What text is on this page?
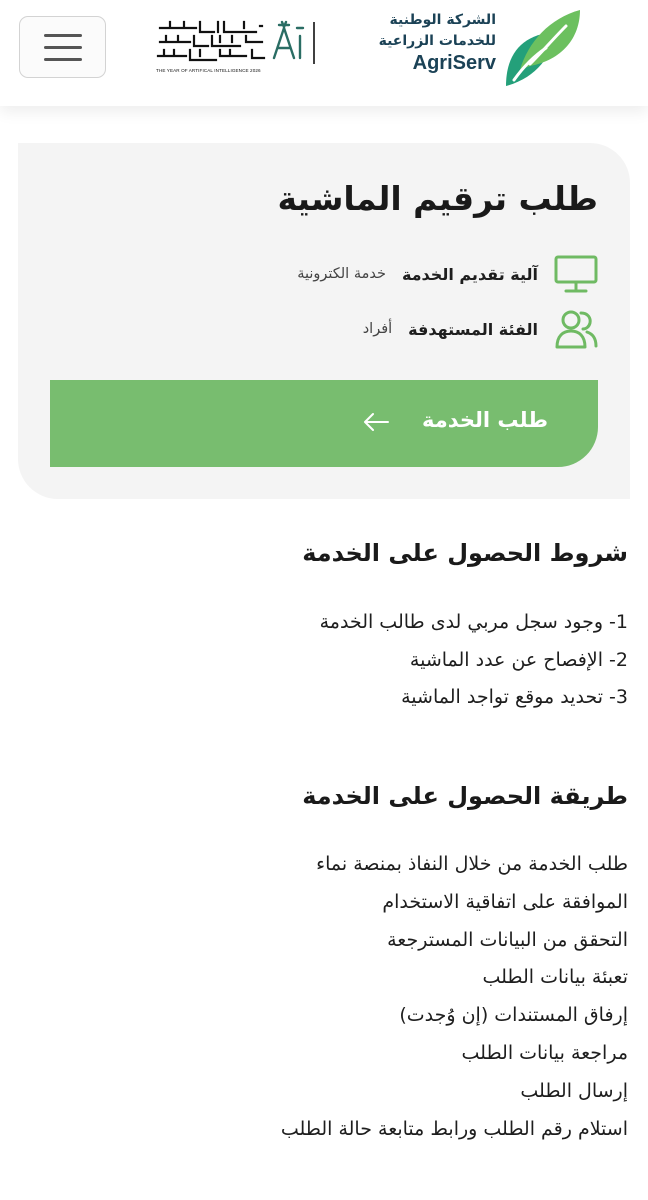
THE YEAR OF ARTIFICAL INTELLIGENCE 2026
الشركة الوطنية
للخدمات الزراعية
AgriServ
طلب ترقيم الماشية
آلية تقديم الخدمة
خدمة الكترونية
الفئة المستهدفة
أفراد
طلب الخدمة
شروط الحصول على الخدمة
1- وجود سجل مربي لدى طالب الخدمة
2- الإفصاح عن عدد الماشية
3- تحديد موقع تواجد الماشية
طريقة الحصول على الخدمة
طلب الخدمة من خلال النفاذ بمنصة نماء
الموافقة على اتفاقية الاستخدام
التحقق من البيانات المسترجعة
تعبئة بيانات الطلب
إرفاق المستندات (إن وُجدت)
مراجعة بيانات الطلب
إرسال الطلب
استلام رقم الطلب ورابط متابعة حالة الطلب
